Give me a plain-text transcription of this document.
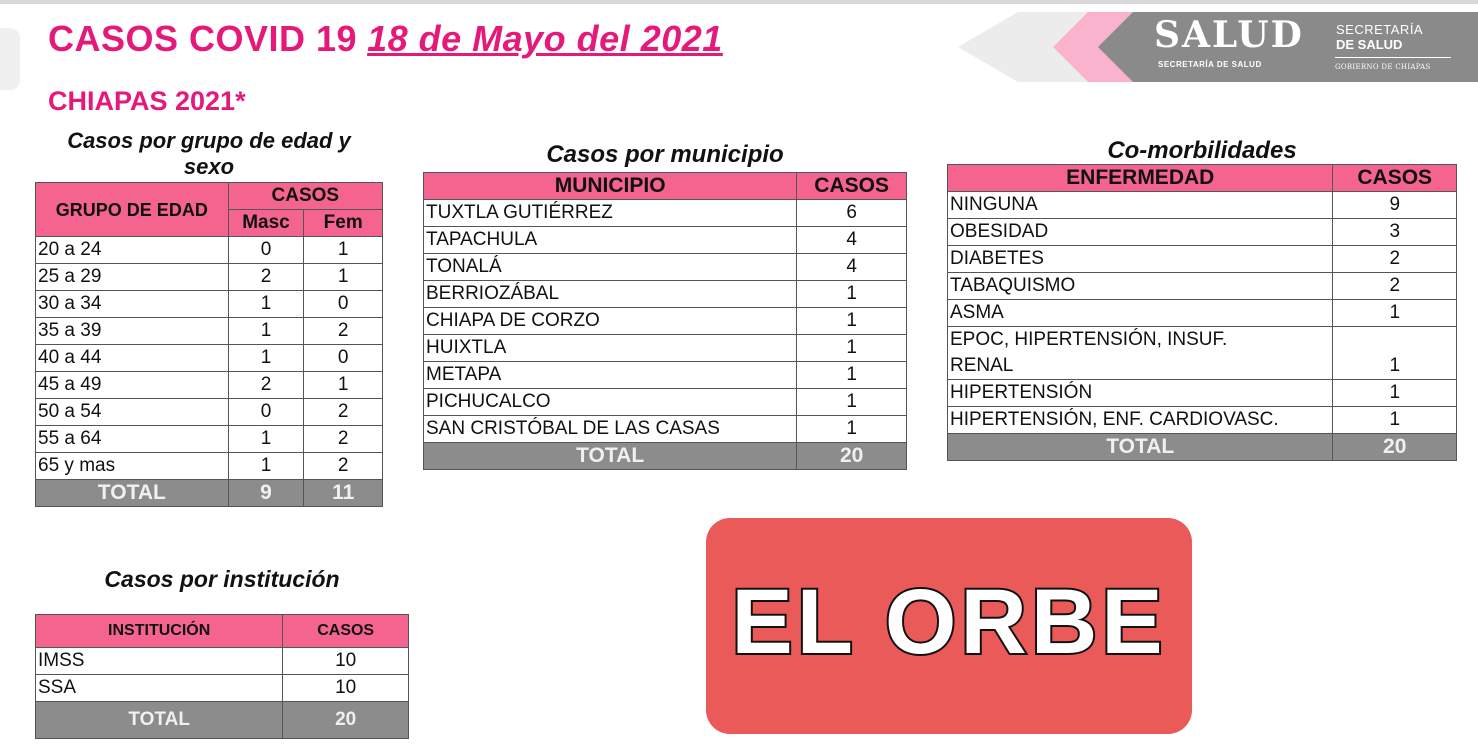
CASOS COVID 19 18 de Mayo del 2021
CHIAPAS 2021*
SALUD
SECRETARÍA DE SALUD
SECRETARÍA
DE SALUD
GOBIERNO DE CHIAPAS
Casos por grupo de edad y
sexo
GRUPO DE EDAD	CASOS	
	Masc	Fem
20 a 24	0	1
25 a 29	2	1
30 a 34	1	0
35 a 39	1	2
40 a 44	1	0
45 a 49	2	1
50 a 54	0	2
55 a 64	1	2
65 y mas	1	2
TOTAL	9	11
Casos por municipio
MUNICIPIO	CASOS
TUXTLA GUTIÉRREZ	6
TAPACHULA	4
TONALÁ	4
BERRIOZÁBAL	1
CHIAPA DE CORZO	1
HUIXTLA	1
METAPA	1
PICHUCALCO	1
SAN CRISTÓBAL DE LAS CASAS	1
TOTAL	20
Co-morbilidades
ENFERMEDAD	CASOS
NINGUNA	9
OBESIDAD	3
DIABETES	2
TABAQUISMO	2
ASMA	1

EPOC, HIPERTENSIÓN, INSUF.
RENAL	1
HIPERTENSIÓN	1
HIPERTENSIÓN, ENF. CARDIOVASC.	1
TOTAL	20
Casos por institución
INSTITUCIÓN	CASOS
IMSS	10
SSA	10
TOTAL	20
EL ORBE
